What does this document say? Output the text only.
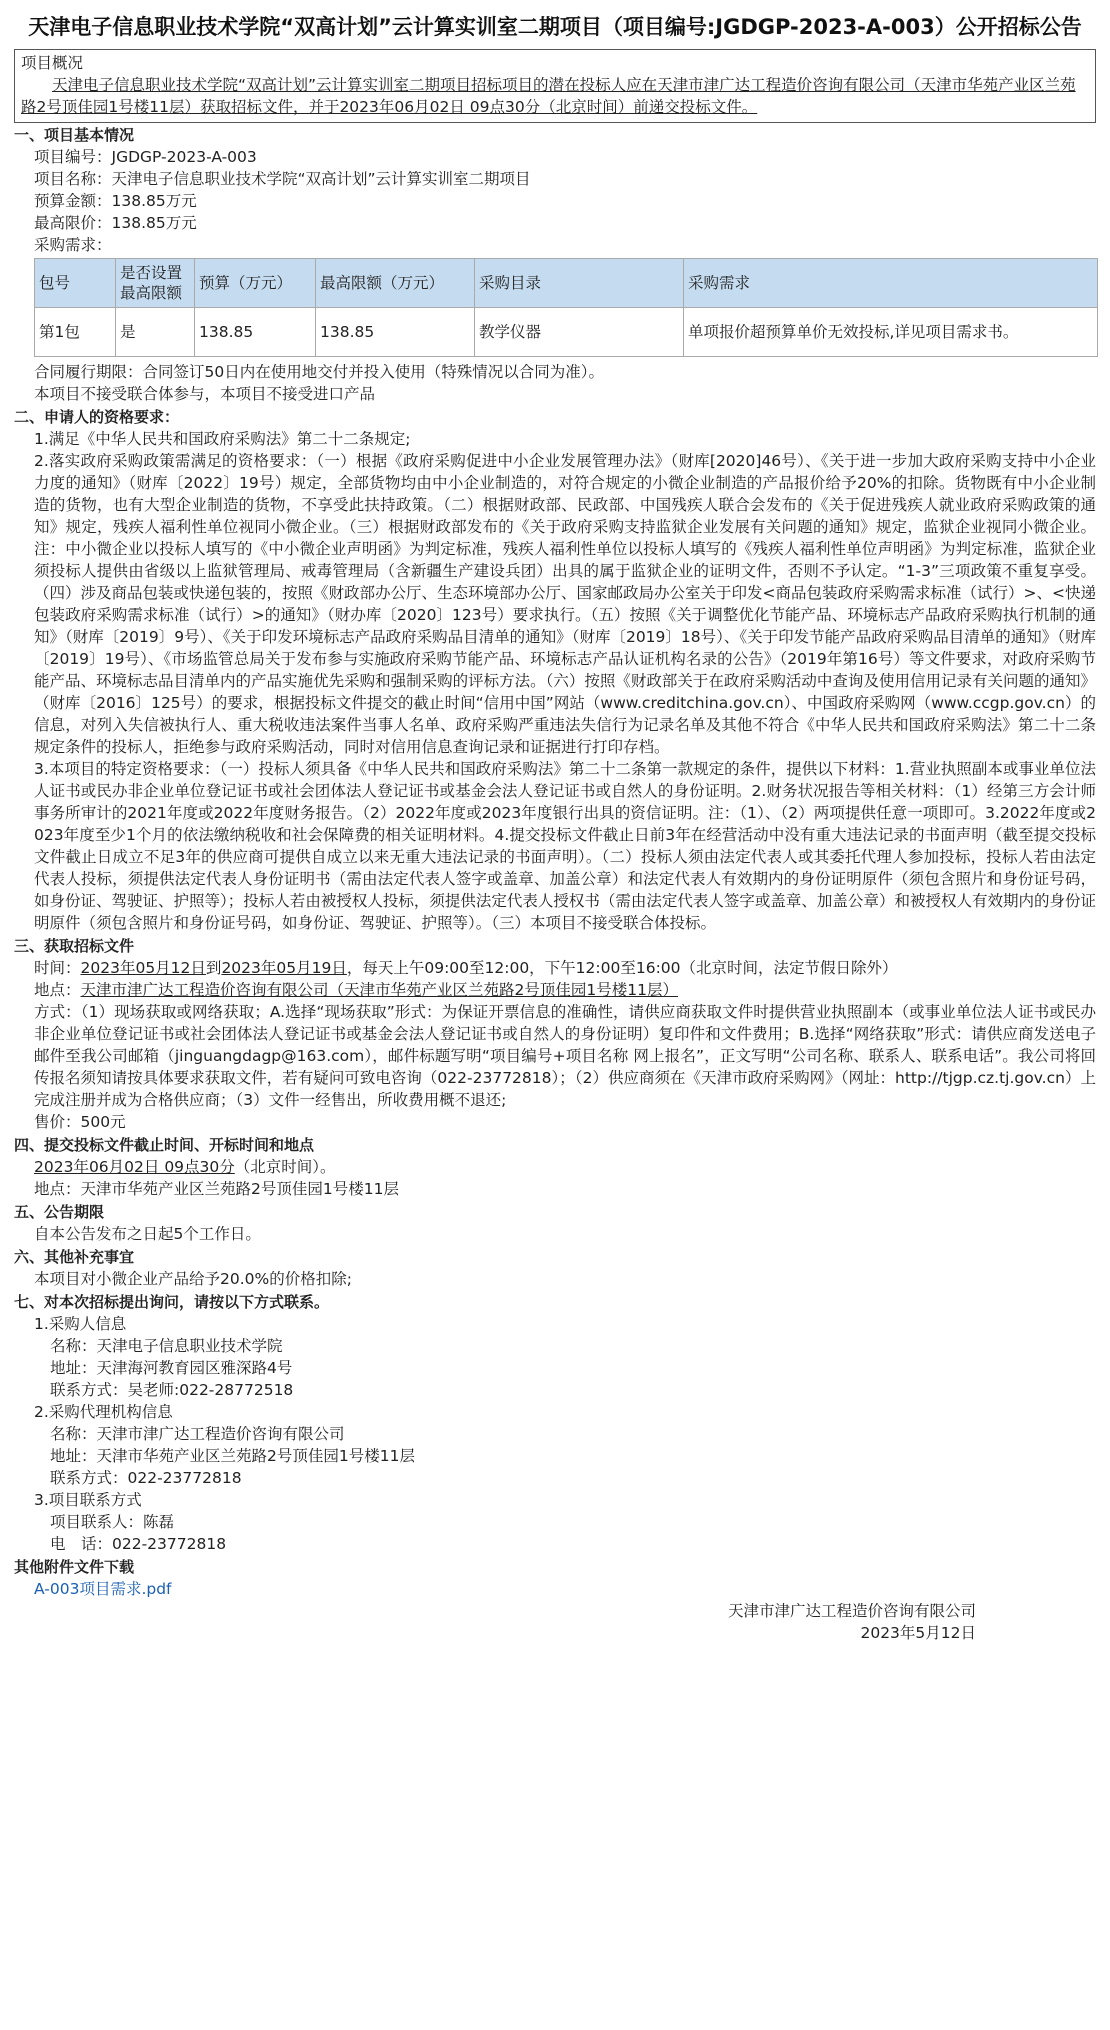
天津电子信息职业技术学院“双高计划”云计算实训室二期项目（项目编号:JGDGP-2023-A-003）公开招标公告
项目概况
天津电子信息职业技术学院“双高计划”云计算实训室二期项目招标项目的潜在投标人应在天津市津广达工程造价咨询有限公司（天津市华苑产业区兰苑路2号顶佳园1号楼11层）获取招标文件，并于2023年06月02日 09点30分（北京时间）前递交投标文件。
一、项目基本情况
项目编号：JGDGP-2023-A-003
项目名称：天津电子信息职业技术学院“双高计划”云计算实训室二期项目
预算金额：138.85万元
最高限价：138.85万元
采购需求：
包号	是否设置最高限额	预算（万元）	最高限额（万元）	采购目录	采购需求
第1包	是	138.85	138.85	教学仪器	单项报价超预算单价无效投标,详见项目需求书。
合同履行期限：合同签订50日内在使用地交付并投入使用（特殊情况以合同为准）。
本项目不接受联合体参与，本项目不接受进口产品
二、申请人的资格要求：
1.满足《中华人民共和国政府采购法》第二十二条规定;
2.落实政府采购政策需满足的资格要求：（一）根据《政府采购促进中小企业发展管理办法》（财库[2020]46号）、《关于进一步加大政府采购支持中小企业力度的通知》（财库〔2022〕19号）规定，全部货物均由中小企业制造的，对符合规定的小微企业制造的产品报价给予20%的扣除。货物既有中小企业制造的货物，也有大型企业制造的货物，不享受此扶持政策。（二）根据财政部、民政部、中国残疾人联合会发布的《关于促进残疾人就业政府采购政策的通知》规定，残疾人福利性单位视同小微企业。（三）根据财政部发布的《关于政府采购支持监狱企业发展有关问题的通知》规定，监狱企业视同小微企业。注：中小微企业以投标人填写的《中小微企业声明函》为判定标准，残疾人福利性单位以投标人填写的《残疾人福利性单位声明函》为判定标准，监狱企业须投标人提供由省级以上监狱管理局、戒毒管理局（含新疆生产建设兵团）出具的属于监狱企业的证明文件，否则不予认定。“1-3”三项政策不重复享受。（四）涉及商品包装或快递包装的，按照《财政部办公厅、生态环境部办公厅、国家邮政局办公室关于印发<商品包装政府采购需求标准（试行）>、<快递包装政府采购需求标准（试行）>的通知》（财办库〔2020〕123号）要求执行。（五）按照《关于调整优化节能产品、环境标志产品政府采购执行机制的通知》（财库〔2019〕9号）、《关于印发环境标志产品政府采购品目清单的通知》（财库〔2019〕18号）、《关于印发节能产品政府采购品目清单的通知》（财库〔2019〕19号）、《市场监管总局关于发布参与实施政府采购节能产品、环境标志产品认证机构名录的公告》（2019年第16号）等文件要求，对政府采购节能产品、环境标志品目清单内的产品实施优先采购和强制采购的评标方法。（六）按照《财政部关于在政府采购活动中查询及使用信用记录有关问题的通知》（财库〔2016〕125号）的要求，根据投标文件提交的截止时间“信用中国”网站（www.creditchina.gov.cn）、中国政府采购网（www.ccgp.gov.cn）的信息，对列入失信被执行人、重大税收违法案件当事人名单、政府采购严重违法失信行为记录名单及其他不符合《中华人民共和国政府采购法》第二十二条规定条件的投标人，拒绝参与政府采购活动，同时对信用信息查询记录和证据进行打印存档。
3.本项目的特定资格要求：（一）投标人须具备《中华人民共和国政府采购法》第二十二条第一款规定的条件，提供以下材料：1.营业执照副本或事业单位法人证书或民办非企业单位登记证书或社会团体法人登记证书或基金会法人登记证书或自然人的身份证明。2.财务状况报告等相关材料：（1）经第三方会计师事务所审计的2021年度或2022年度财务报告。（2）2022年度或2023年度银行出具的资信证明。注：（1）、（2）两项提供任意一项即可。3.2022年度或2023年度至少1个月的依法缴纳税收和社会保障费的相关证明材料。4.提交投标文件截止日前3年在经营活动中没有重大违法记录的书面声明（截至提交投标文件截止日成立不足3年的供应商可提供自成立以来无重大违法记录的书面声明）。（二）投标人须由法定代表人或其委托代理人参加投标，投标人若由法定代表人投标，须提供法定代表人身份证明书（需由法定代表人签字或盖章、加盖公章）和法定代表人有效期内的身份证明原件（须包含照片和身份证号码，如身份证、驾驶证、护照等）；投标人若由被授权人投标，须提供法定代表人授权书（需由法定代表人签字或盖章、加盖公章）和被授权人有效期内的身份证明原件（须包含照片和身份证号码，如身份证、驾驶证、护照等）。（三）本项目不接受联合体投标。
三、获取招标文件
时间：2023年05月12日到2023年05月19日，每天上午09:00至12:00，下午12:00至16:00（北京时间，法定节假日除外）
地点：天津市津广达工程造价咨询有限公司（天津市华苑产业区兰苑路2号顶佳园1号楼11层）
方式：（1）现场获取或网络获取；A.选择“现场获取”形式：为保证开票信息的准确性，请供应商获取文件时提供营业执照副本（或事业单位法人证书或民办非企业单位登记证书或社会团体法人登记证书或基金会法人登记证书或自然人的身份证明）复印件和文件费用；B.选择“网络获取”形式：请供应商发送电子邮件至我公司邮箱（jinguangdagp@163.com），邮件标题写明“项目编号+项目名称 网上报名”，正文写明“公司名称、联系人、联系电话”。我公司将回传报名须知请按具体要求获取文件，若有疑问可致电咨询（022-23772818）；（2）供应商须在《天津市政府采购网》（网址：http://tjgp.cz.tj.gov.cn）上完成注册并成为合格供应商；（3）文件一经售出，所收费用概不退还;
售价：500元
四、提交投标文件截止时间、开标时间和地点
2023年06月02日 09点30分（北京时间）。
地点：天津市华苑产业区兰苑路2号顶佳园1号楼11层
五、公告期限
自本公告发布之日起5个工作日。
六、其他补充事宜
本项目对小微企业产品给予20.0%的价格扣除;
七、对本次招标提出询问，请按以下方式联系。
1.采购人信息
名称：天津电子信息职业技术学院
地址：天津海河教育园区雅深路4号
联系方式：吴老师:022-28772518
2.采购代理机构信息
名称：天津市津广达工程造价咨询有限公司
地址：天津市华苑产业区兰苑路2号顶佳园1号楼11层
联系方式：022-23772818
3.项目联系方式
项目联系人：陈磊
电　话：022-23772818
其他附件文件下载
A-003项目需求.pdf
天津市津广达工程造价咨询有限公司
2023年5月12日
